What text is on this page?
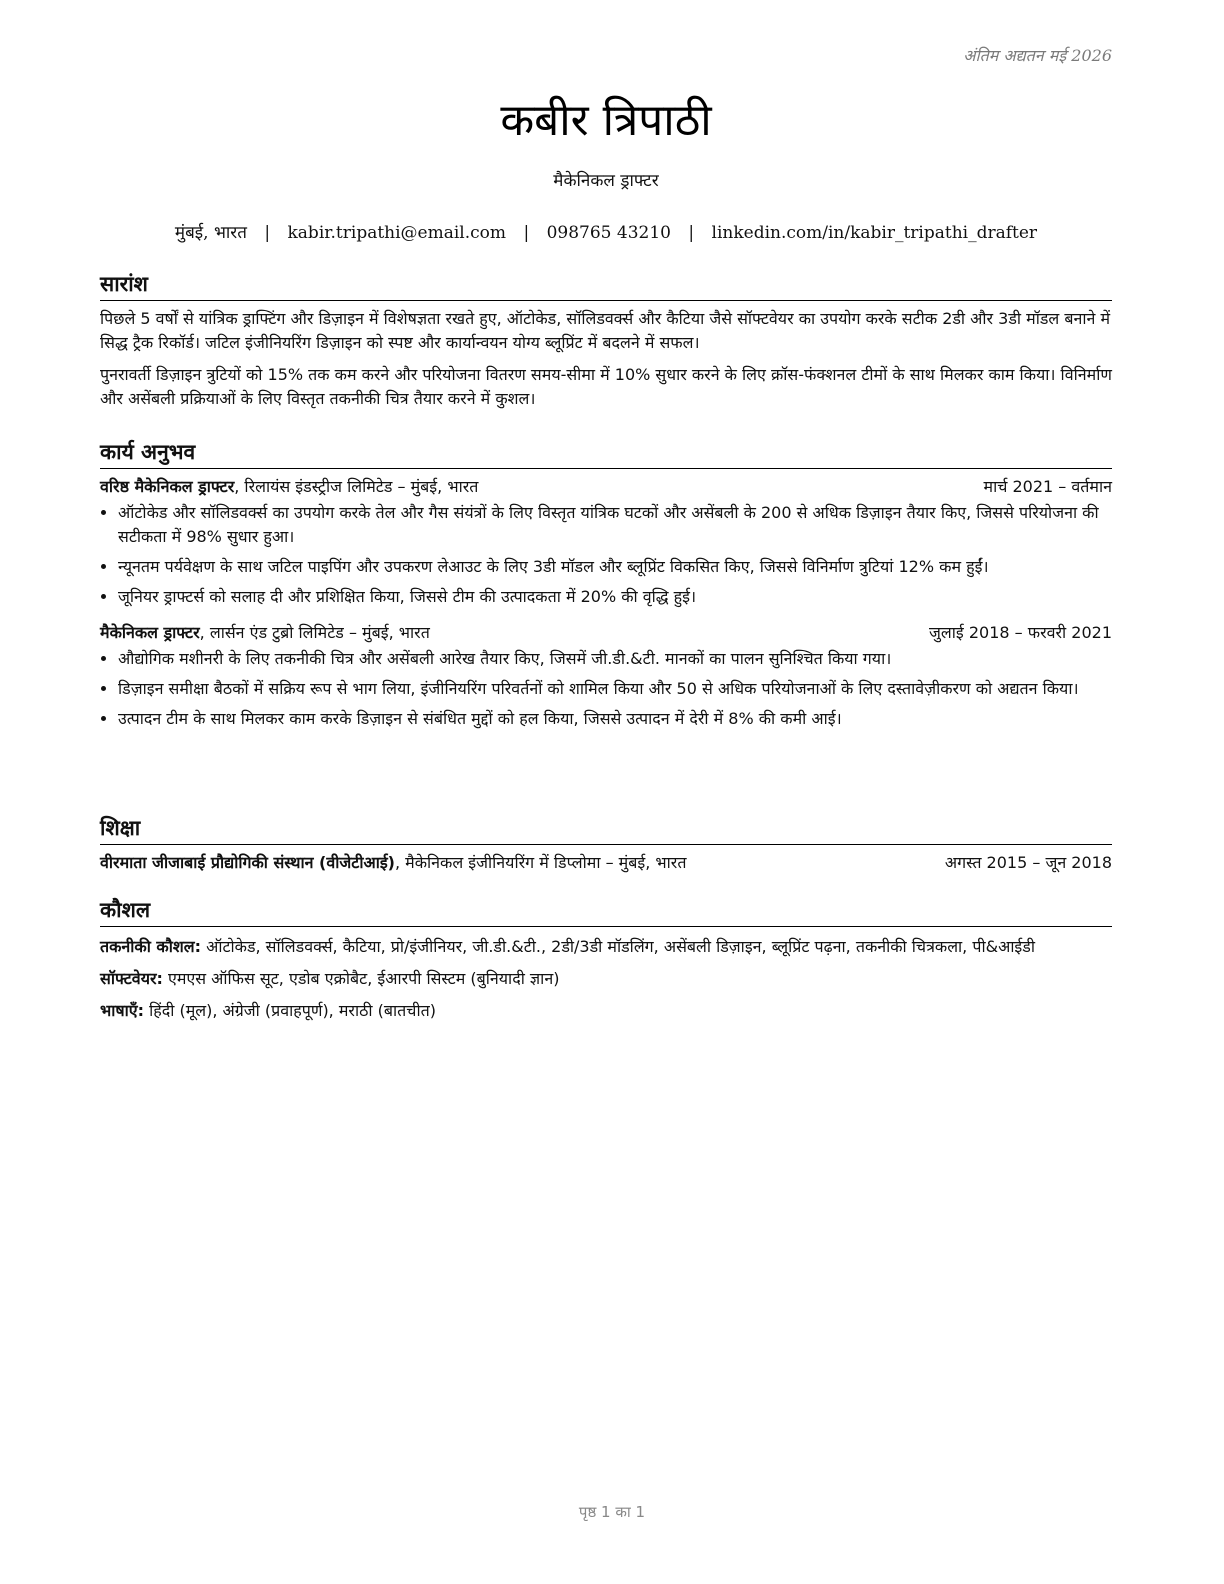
अंतिम अद्यतन मई 2026
कबीर त्रिपाठी
मैकेनिकल ड्राफ्टर
मुंबई, भारत | kabir.tripathi@email.com | 098765 43210 | linkedin.com/in/kabir_tripathi_drafter
सारांश

पिछले 5 वर्षों से यांत्रिक ड्राफ्टिंग और डिज़ाइन में विशेषज्ञता रखते हुए, ऑटोकेड, सॉलिडवर्क्स और कैटिया जैसे सॉफ्टवेयर का उपयोग करके सटीक 2डी और 3डी मॉडल बनाने में सिद्ध ट्रैक रिकॉर्ड। जटिल इंजीनियरिंग डिज़ाइन को स्पष्ट और कार्यान्वयन योग्य ब्लूप्रिंट में बदलने में सफल।

पुनरावर्ती डिज़ाइन त्रुटियों को 15% तक कम करने और परियोजना वितरण समय-सीमा में 10% सुधार करने के लिए क्रॉस-फंक्शनल टीमों के साथ मिलकर काम किया। विनिर्माण और असेंबली प्रक्रियाओं के लिए विस्तृत तकनीकी चित्र तैयार करने में कुशल।

कार्य अनुभव
वरिष्ठ मैकेनिकल ड्राफ्टर, रिलायंस इंडस्ट्रीज लिमिटेड – मुंबई, भारत	मार्च 2021 – वर्तमान
• ऑटोकेड और सॉलिडवर्क्स का उपयोग करके तेल और गैस संयंत्रों के लिए विस्तृत यांत्रिक घटकों और असेंबली के 200 से अधिक डिज़ाइन तैयार किए, जिससे परियोजना की सटीकता में 98% सुधार हुआ।
• न्यूनतम पर्यवेक्षण के साथ जटिल पाइपिंग और उपकरण लेआउट के लिए 3डी मॉडल और ब्लूप्रिंट विकसित किए, जिससे विनिर्माण त्रुटियां 12% कम हुईं।
• जूनियर ड्राफ्टर्स को सलाह दी और प्रशिक्षित किया, जिससे टीम की उत्पादकता में 20% की वृद्धि हुई।
मैकेनिकल ड्राफ्टर, लार्सन एंड टुब्रो लिमिटेड – मुंबई, भारत	जुलाई 2018 – फरवरी 2021
• औद्योगिक मशीनरी के लिए तकनीकी चित्र और असेंबली आरेख तैयार किए, जिसमें जी.डी.&टी. मानकों का पालन सुनिश्चित किया गया।
• डिज़ाइन समीक्षा बैठकों में सक्रिय रूप से भाग लिया, इंजीनियरिंग परिवर्तनों को शामिल किया और 50 से अधिक परियोजनाओं के लिए दस्तावेज़ीकरण को अद्यतन किया।
• उत्पादन टीम के साथ मिलकर काम करके डिज़ाइन से संबंधित मुद्दों को हल किया, जिससे उत्पादन में देरी में 8% की कमी आई।
शिक्षा
वीरमाता जीजाबाई प्रौद्योगिकी संस्थान (वीजेटीआई), मैकेनिकल इंजीनियरिंग में डिप्लोमा – मुंबई, भारत	अगस्त 2015 – जून 2018
कौशल
तकनीकी कौशल: ऑटोकेड, सॉलिडवर्क्स, कैटिया, प्रो/इंजीनियर, जी.डी.&टी., 2डी/3डी मॉडलिंग, असेंबली डिज़ाइन, ब्लूप्रिंट पढ़ना, तकनीकी चित्रकला, पी&आईडी
सॉफ्टवेयर: एमएस ऑफिस सूट, एडोब एक्रोबैट, ईआरपी सिस्टम (बुनियादी ज्ञान)
भाषाएँ: हिंदी (मूल), अंग्रेजी (प्रवाहपूर्ण), मराठी (बातचीत)
पृष्ठ 1 का 1
